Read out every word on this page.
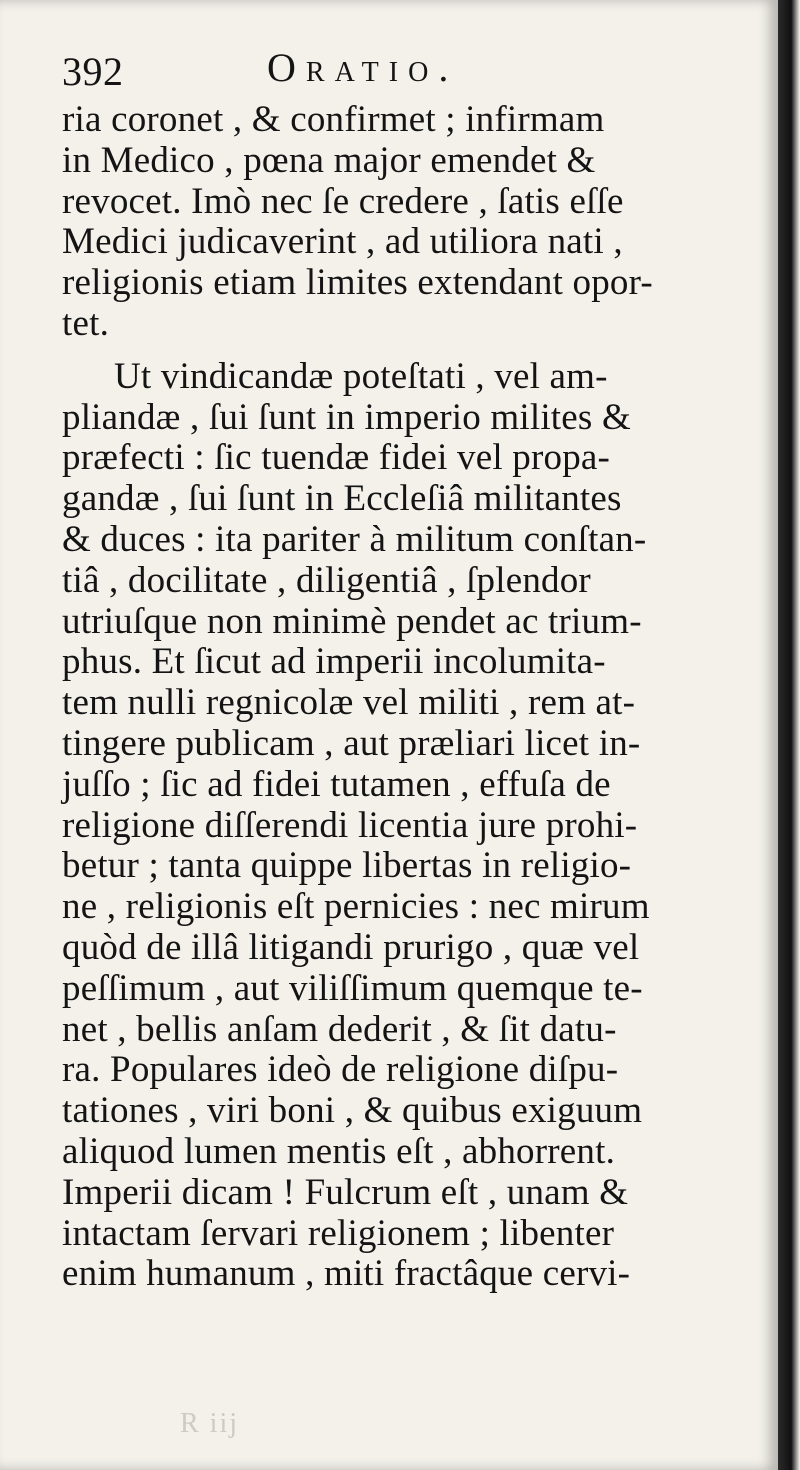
392	Oratio.
ria coronet , & confirmet ; infirmam
in Medico , pœna major emendet &
revocet. Imò nec ſe credere , ſatis eſſe
Medici judicaverint , ad utiliora nati ,
religionis etiam limites extendant opor-
tet.
Ut vindicandæ poteſtati , vel am-
pliandæ , ſui ſunt in imperio milites &
præfecti : ſic tuendæ fidei vel propa-
gandæ , ſui ſunt in Eccleſiâ militantes
& duces : ita pariter à militum conſtan-
tiâ , docilitate , diligentiâ , ſplendor
utriuſque non minimè pendet ac trium-
phus. Et ſicut ad imperii incolumita-
tem nulli regnicolæ vel militi , rem at-
tingere publicam , aut præliari licet in-
juſſo ; ſic ad fidei tutamen , effuſa de
religione diſſerendi licentia jure prohi-
betur ; tanta quippe libertas in religio-
ne , religionis eſt pernicies : nec mirum
quòd de illâ litigandi prurigo , quæ vel
peſſimum , aut viliſſimum quemque te-
net , bellis anſam dederit , & ſit datu-
ra. Populares ideò de religione diſpu-
tationes , viri boni , & quibus exiguum
aliquod lumen mentis eſt , abhorrent.
Imperii dicam ! Fulcrum eſt , unam &
intactam ſervari religionem ; libenter
enim humanum , miti fractâque cervi-
R iij
